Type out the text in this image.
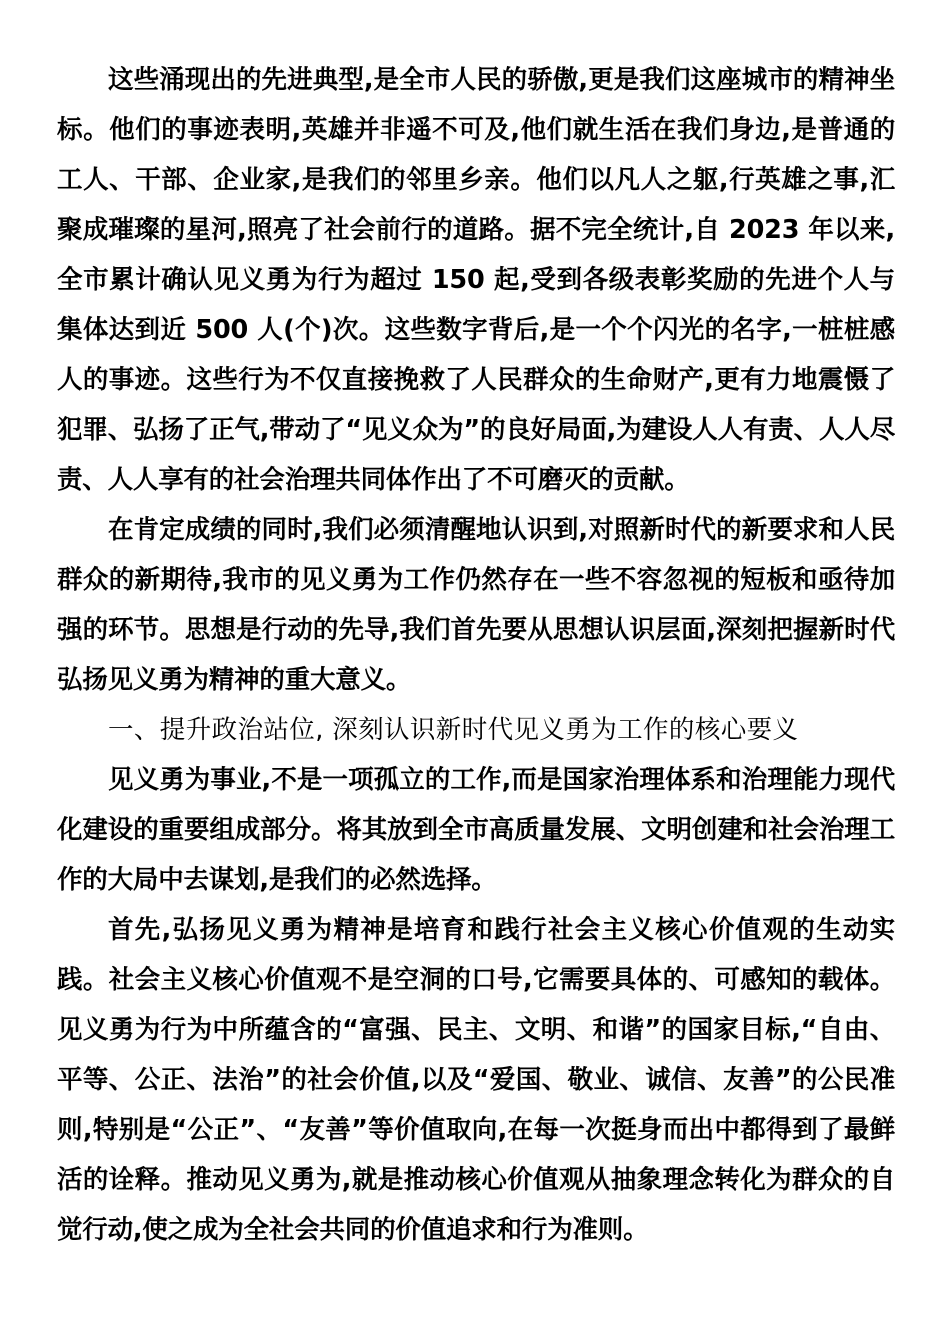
这些涌现出的先进典型,是全市人民的骄傲,更是我们这座城市的精神坐标。他们的事迹表明,英雄并非遥不可及,他们就生活在我们身边,是普通的工人、干部、企业家,是我们的邻里乡亲。他们以凡人之躯,行英雄之事,汇聚成璀璨的星河,照亮了社会前行的道路。据不完全统计,自 2023 年以来,全市累计确认见义勇为行为超过 150 起,受到各级表彰奖励的先进个人与集体达到近 500 人(个)次。这些数字背后,是一个个闪光的名字,一桩桩感人的事迹。这些行为不仅直接挽救了人民群众的生命财产,更有力地震慑了犯罪、弘扬了正气,带动了“见义众为”的良好局面,为建设人人有责、人人尽责、人人享有的社会治理共同体作出了不可磨灭的贡献。

在肯定成绩的同时,我们必须清醒地认识到,对照新时代的新要求和人民群众的新期待,我市的见义勇为工作仍然存在一些不容忽视的短板和亟待加强的环节。思想是行动的先导,我们首先要从思想认识层面,深刻把握新时代弘扬见义勇为精神的重大意义。

一、提升政治站位, 深刻认识新时代见义勇为工作的核心要义

见义勇为事业,不是一项孤立的工作,而是国家治理体系和治理能力现代化建设的重要组成部分。将其放到全市高质量发展、文明创建和社会治理工作的大局中去谋划,是我们的必然选择。

首先,弘扬见义勇为精神是培育和践行社会主义核心价值观的生动实践。社会主义核心价值观不是空洞的口号,它需要具体的、可感知的载体。见义勇为行为中所蕴含的“富强、民主、文明、和谐”的国家目标,“自由、平等、公正、法治”的社会价值,以及“爱国、敬业、诚信、友善”的公民准则,特别是“公正”、“友善”等价值取向,在每一次挺身而出中都得到了最鲜活的诠释。推动见义勇为,就是推动核心价值观从抽象理念转化为群众的自觉行动,使之成为全社会共同的价值追求和行为准则。
